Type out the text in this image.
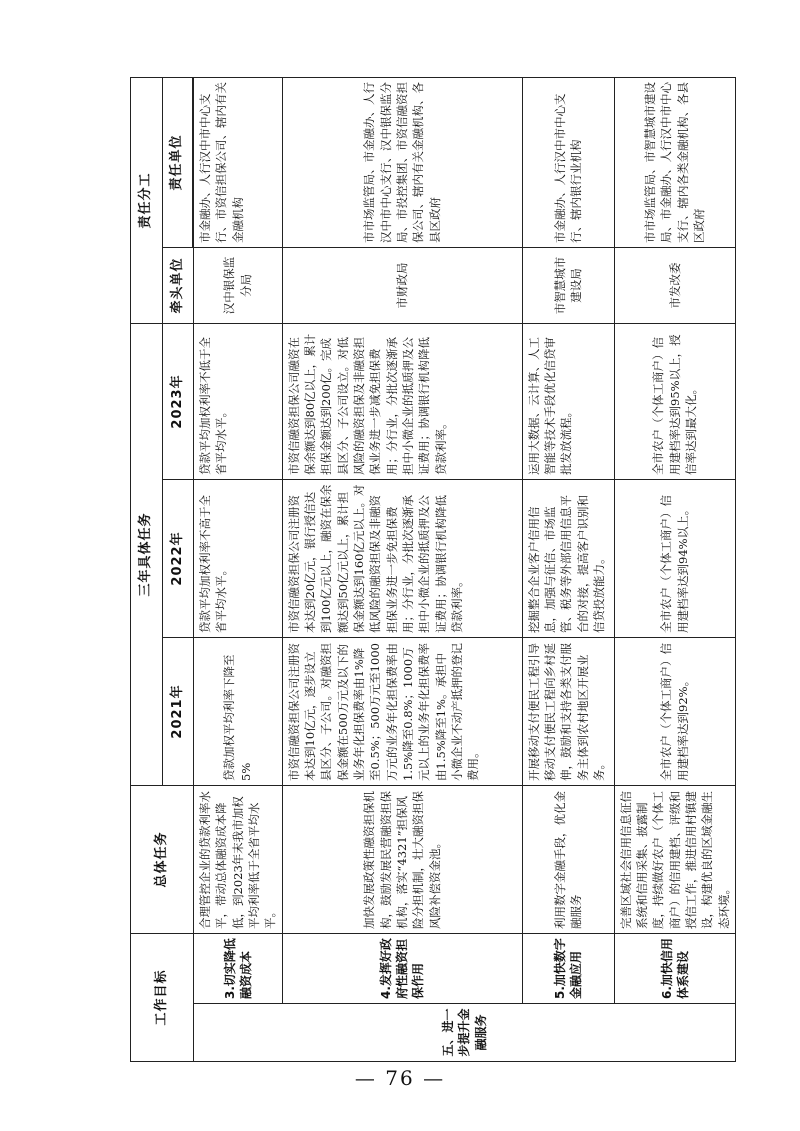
工作目标		总体任务	三年具体任务			责任分工	
			2021年	2022年	2023年	牵头单位	责任单位

五、进一步提升金融服务	3.切实降低融资成本	合理管控企业的贷款利率水平，带动总体融资成本降低，到2023年末我市加权平均利率低于全省平均水平。	贷款加权平均利率下降至5%	贷款平均加权利率不高于全省平均水平。	贷款平均加权利率不低于全省平均水平。	汉中银保监分局	市金融办、人行汉中市中心支行、市资信担保公司、辖内有关金融机构
	4.发挥好政府性融资担保作用	加快发展政策性融资担保机构，鼓励发展民营融资担保机构，落实“4321”担保风险分担机制，壮大融资担保风险补偿资金池。	市资信融资担保公司注册资本达到10亿元，逐步设立县区分、子公司。对融资担保金额在500万元及以下的业务年化担保费率由1%降至0.5%；500万元至1000万元的业务年化担保费率由1.5%降至0.8%；1000万元以上的业务年化担保费率由1.5%降至1%。承担中小微企业不动产抵押的登记费用。	市资信融资担保公司注册资本达到20亿元，银行授信达到100亿元以上，融资在保余额达到50亿元以上，累计担保金额达到160亿元以上。对低风险的融资担保及非融资担保业务进一步免担保费用；分行业，分批次逐渐承担中小微企业的抵质押及公证费用；协调银行机构降低贷款利率。	市资信融资担保公司融资在保余额达到80亿以上，累计担保金额达到200亿。完成县区分、子公司设立。对低风险的融资担保及非融资担保业务进一步减免担保费用；分行业，分批次逐渐承担中小微企业的抵质押及公证费用；协调银行机构降低贷款利率。	市财政局	市市场监管局、市金融办、人行汉中市中心支行、汉中银保监分局、市投控集团、市资信融资担保公司、辖内有关金融机构、各县区政府
	5.加快数字金融应用	利用数字金融手段，优化金融服务	开展移动支付便民工程引导移动支付便民工程向乡村延伸，鼓励和支持各类支付服务主体到农村地区开展业务。	挖掘整合企业客户信用信息，加强与征信、市场监管、税务等外部信用信息平台的对接，提高客户识别和信贷投放能力。	运用大数据、云计算、人工智能等技术手段优化信贷审批发放流程。	市智慧城市建设局	市金融办、人行汉中市中心支行、辖内银行业机构
	6.加快信用体系建设	完善区域社会信用信息征信系统和信用采集、披露制度，持续做好农户（个体工商户）的信用建档、评级和授信工作，推进信用村镇建设，构建优良的区域金融生态环境。	全市农户（个体工商户）信用建档率达到92%。	全市农户（个体工商户）信用建档率达到94%以上。	全市农户（个体工商户）信用建档率达到95%以上，授信率达到最大化。	市发改委	市市场监管局、市智慧城市建设局、市金融办、人行汉中市中心支行、辖内各类金融机构、各县区政府
— 76 —
